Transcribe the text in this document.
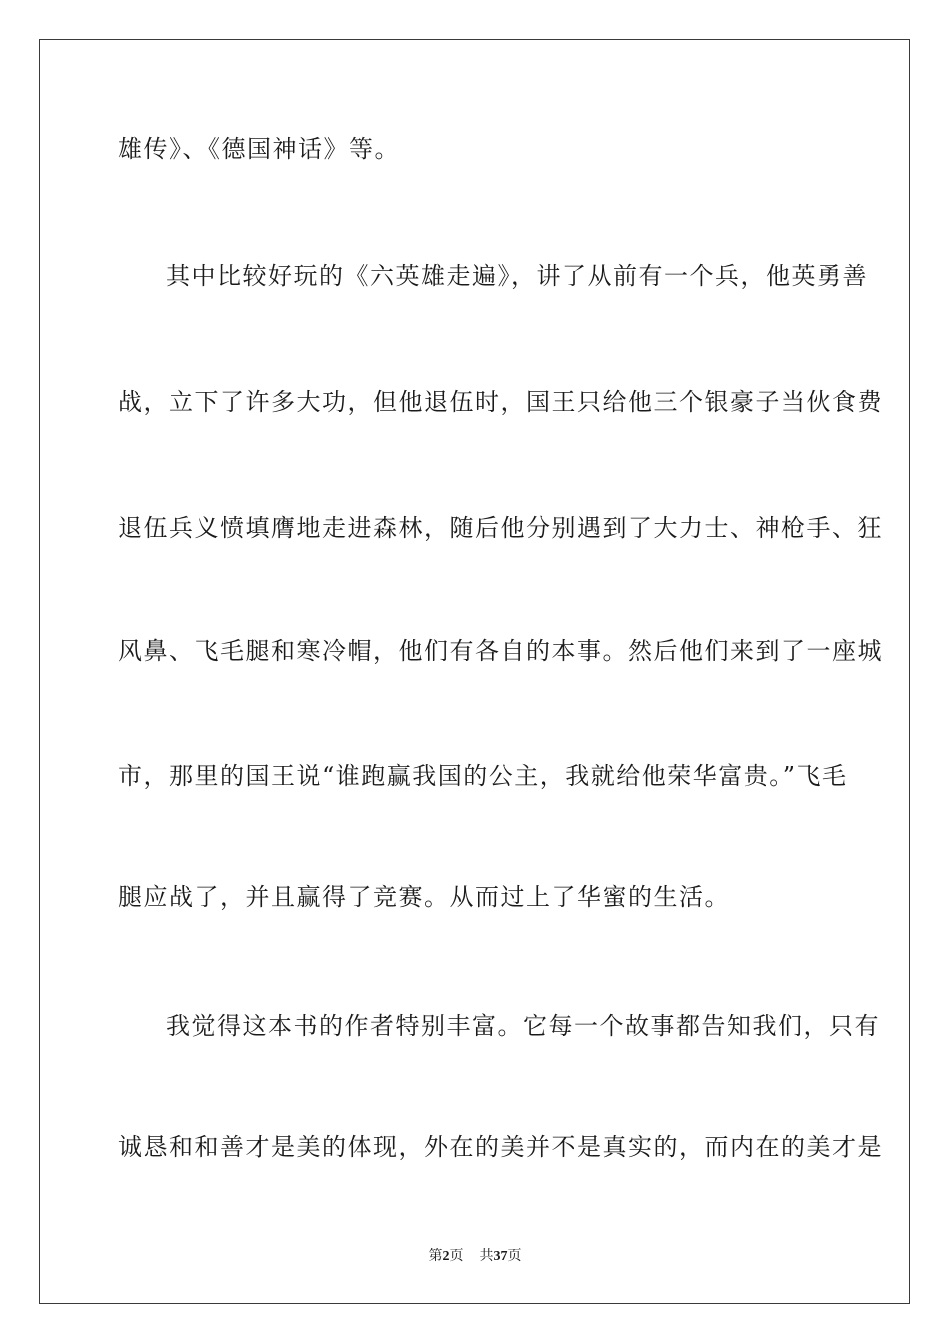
雄传》、《德国神话》等。
其中比较好玩的《六英雄走遍》，讲了从前有一个兵，他英勇善
战，立下了许多大功，但他退伍时，国王只给他三个银豪子当伙食费
退伍兵义愤填膺地走进森林，随后他分别遇到了大力士、神枪手、狂
风鼻、飞毛腿和寒冷帽，他们有各自的本事。然后他们来到了一座城
市，那里的国王说“谁跑赢我国的公主，我就给他荣华富贵。”飞毛
腿应战了，并且赢得了竞赛。从而过上了华蜜的生活。
我觉得这本书的作者特别丰富。它每一个故事都告知我们，只有
诚恳和和善才是美的体现，外在的美并不是真实的，而内在的美才是
第2页 共37页
